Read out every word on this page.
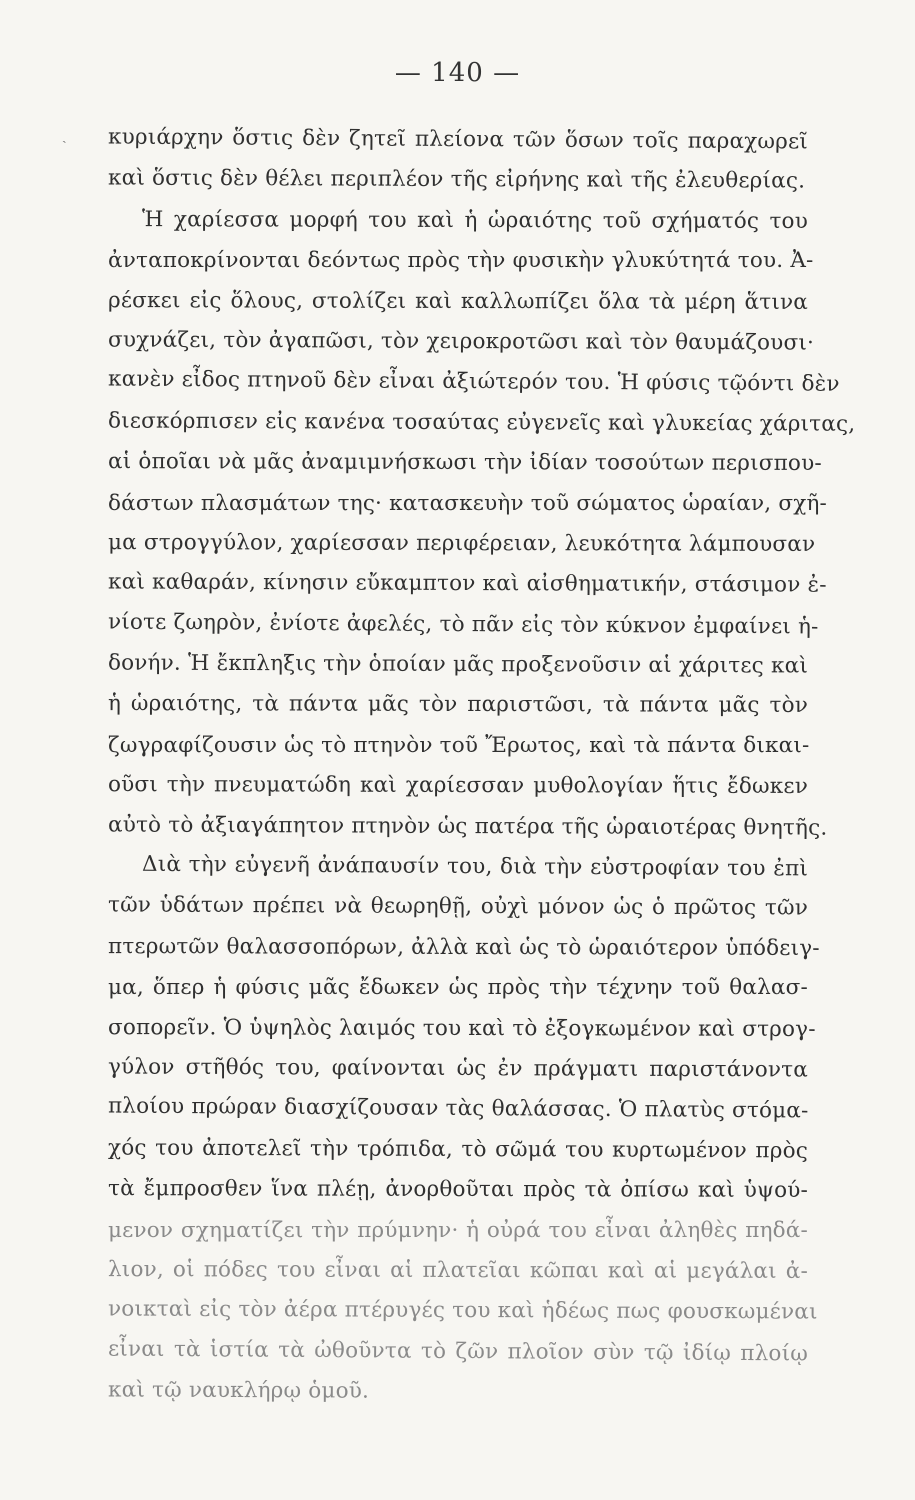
— 140 —
ˎ κυριάρχην ὅστις δὲν ζητεῖ πλείονα τῶν ὅσων τοῖς παραχωρεῖ
καὶ ὅστις δὲν θέλει περιπλέον τῆς εἰρήνης καὶ τῆς ἐλευθερίας.
Ἡ χαρίεσσα μορφή του καὶ ἡ ὡραιότης τοῦ σχήματός του
ἀνταποκρίνονται δεόντως πρὸς τὴν φυσικὴν γλυκύτητά του. Ἀ-
ρέσκει εἰς ὅλους, στολίζει καὶ καλλωπίζει ὅλα τὰ μέρη ἅτινα
συχνάζει, τὸν ἀγαπῶσι, τὸν χειροκροτῶσι καὶ τὸν θαυμάζουσι·
κανὲν εἶδος πτηνοῦ δὲν εἶναι ἀξιώτερόν του. Ἡ φύσις τῷόντι δὲν
διεσκόρπισεν εἰς κανένα τοσαύτας εὐγενεῖς καὶ γλυκείας χάριτας,
αἱ ὁποῖαι νὰ μᾶς ἀναμιμνήσκωσι τὴν ἰδίαν τοσούτων περισπου-
δάστων πλασμάτων της· κατασκευὴν τοῦ σώματος ὡραίαν, σχῆ-
μα στρογγύλον, χαρίεσσαν περιφέρειαν, λευκότητα λάμπουσαν
καὶ καθαράν, κίνησιν εὔκαμπτον καὶ αἰσθηματικήν, στάσιμον ἐ-
νίοτε ζωηρὸν, ἐνίοτε ἀφελές, τὸ πᾶν εἰς τὸν κύκνον ἐμφαίνει ἡ-
δονήν. Ἡ ἔκπληξις τὴν ὁποίαν μᾶς προξενοῦσιν αἱ χάριτες καὶ
ἡ ὡραιότης, τὰ πάντα μᾶς τὸν παριστῶσι, τὰ πάντα μᾶς τὸν
ζωγραφίζουσιν ὡς τὸ πτηνὸν τοῦ Ἔρωτος, καὶ τὰ πάντα δικαι-
οῦσι τὴν πνευματώδη καὶ χαρίεσσαν μυθολογίαν ἥτις ἔδωκεν
αὐτὸ τὸ ἀξιαγάπητον πτηνὸν ὡς πατέρα τῆς ὡραιοτέρας θνητῆς.
Διὰ τὴν εὐγενῆ ἀνάπαυσίν του, διὰ τὴν εὐστροφίαν του ἐπὶ
τῶν ὑδάτων πρέπει νὰ θεωρηθῇ, οὐχὶ μόνον ὡς ὁ πρῶτος τῶν
πτερωτῶν θαλασσοπόρων, ἀλλὰ καὶ ὡς τὸ ὡραιότερον ὑπόδειγ-
μα, ὅπερ ἡ φύσις μᾶς ἔδωκεν ὡς πρὸς τὴν τέχνην τοῦ θαλασ-
σοπορεῖν. Ὁ ὑψηλὸς λαιμός του καὶ τὸ ἐξογκωμένον καὶ στρογ-
γύλον στῆθός του, φαίνονται ὡς ἐν πράγματι παριστάνοντα
πλοίου πρώραν διασχίζουσαν τὰς θαλάσσας. Ὁ πλατὺς στόμα-
χός του ἀποτελεῖ τὴν τρόπιδα, τὸ σῶμά του κυρτωμένον πρὸς
τὰ ἔμπροσθεν ἵνα πλέῃ, ἀνορθοῦται πρὸς τὰ ὀπίσω καὶ ὑψού-
μενον σχηματίζει τὴν πρύμνην· ἡ οὐρά του εἶναι ἀληθὲς πηδά-
λιον, οἱ πόδες του εἶναι αἱ πλατεῖαι κῶπαι καὶ αἱ μεγάλαι ἀ-
νοικταὶ εἰς τὸν ἀέρα πτέρυγές του καὶ ἡδέως πως φουσκωμέναι
εἶναι τὰ ἱστία τὰ ὠθοῦντα τὸ ζῶν πλοῖον σὺν τῷ ἰδίῳ πλοίῳ
καὶ τῷ ναυκλήρῳ ὁμοῦ.
